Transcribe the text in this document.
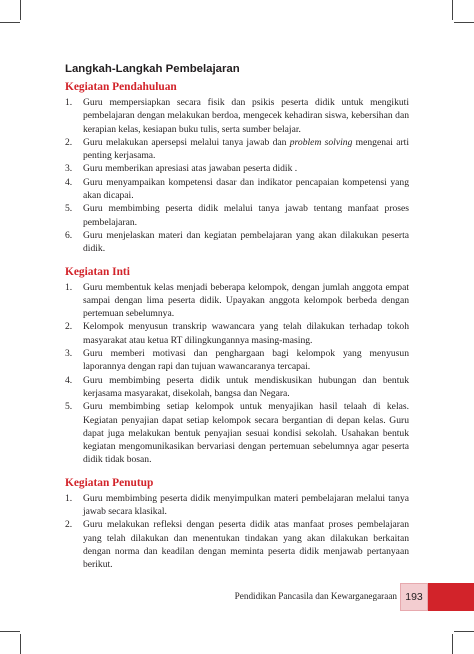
Langkah-Langkah Pembelajaran
Kegiatan Pendahuluan
1. Guru mempersiapkan secara fisik dan psikis peserta didik untuk mengikuti pembelajaran dengan melakukan berdoa, mengecek kehadiran siswa, kebersihan dan kerapian kelas, kesiapan buku tulis, serta sumber belajar.
2. Guru melakukan apersepsi melalui tanya jawab dan problem solving mengenai arti penting kerjasama.
3. Guru memberikan apresiasi atas jawaban peserta didik .
4. Guru menyampaikan kompetensi dasar dan indikator pencapaian kompetensi yang akan dicapai.
5. Guru membimbing peserta didik melalui tanya jawab tentang manfaat proses pembelajaran.
6. Guru menjelaskan materi dan kegiatan pembelajaran yang akan dilakukan peserta didik.
Kegiatan Inti
1. Guru membentuk kelas menjadi beberapa kelompok, dengan jumlah anggota empat sampai dengan lima peserta didik. Upayakan anggota kelompok berbeda dengan pertemuan sebelumnya.
2. Kelompok menyusun transkrip wawancara yang telah dilakukan terhadap tokoh masyarakat atau ketua RT dilingkungannya masing-masing.
3. Guru memberi motivasi dan penghargaan bagi kelompok yang menyusun laporannya dengan rapi dan tujuan wawancaranya tercapai.
4. Guru membimbing peserta didik untuk mendiskusikan hubungan dan bentuk kerjasama masyarakat, disekolah, bangsa dan Negara.
5. Guru membimbing setiap kelompok untuk menyajikan hasil telaah di kelas. Kegiatan penyajian dapat setiap kelompok secara bergantian di depan kelas. Guru dapat juga melakukan bentuk penyajian sesuai kondisi sekolah. Usahakan bentuk kegiatan mengomunikasikan bervariasi dengan pertemuan sebelumnya agar peserta didik tidak bosan.
Kegiatan Penutup
1. Guru membimbing peserta didik menyimpulkan materi pembelajaran melalui tanya jawab secara klasikal.
2. Guru melakukan refleksi dengan peserta didik atas manfaat proses pembelajaran yang telah dilakukan dan menentukan tindakan yang akan dilakukan berkaitan dengan norma dan keadilan dengan meminta peserta didik menjawab pertanyaan berikut.
Pendidikan Pancasila dan Kewarganegaraan 193
